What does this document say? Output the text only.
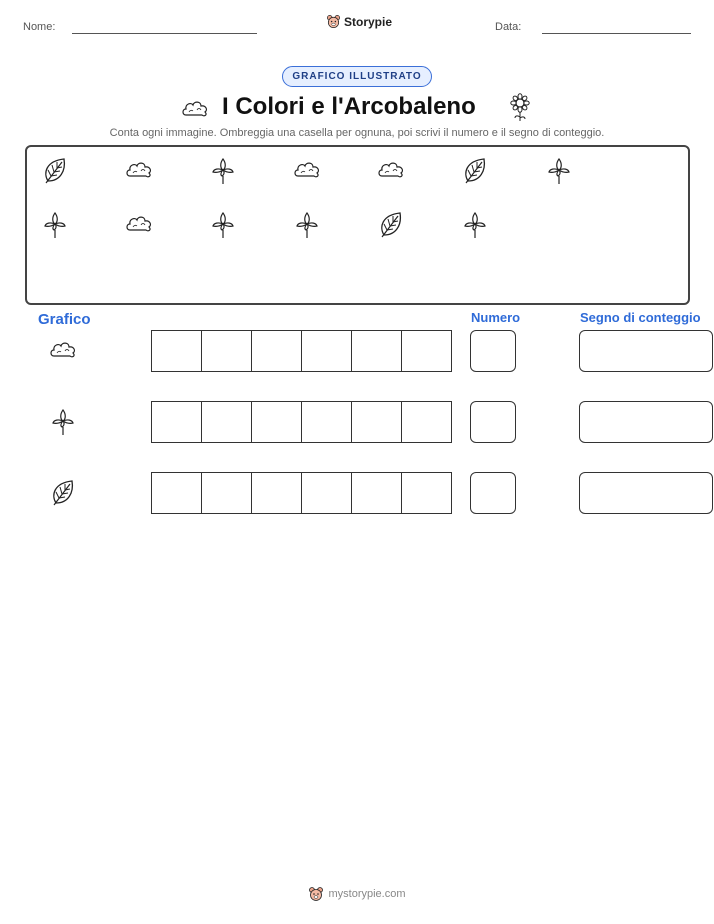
Nome:	Storypie	Data:
GRAFICO ILLUSTRATO
I Colori e l'Arcobaleno
Conta ogni immagine. Ombreggia una casella per ognuna, poi scrivi il numero e il segno di conteggio.
Grafico	Numero	Segno di conteggio
mystorypie.com
